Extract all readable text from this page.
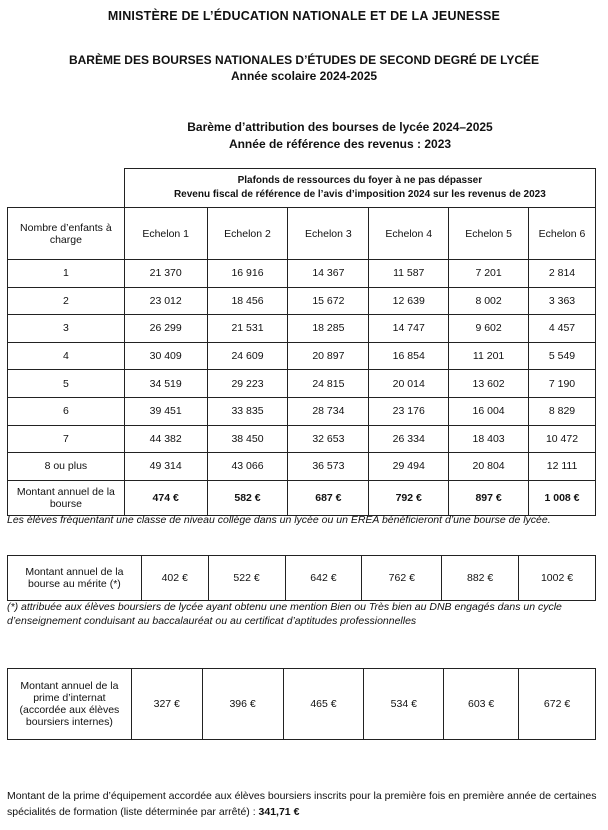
MINISTÈRE DE L’ÉDUCATION NATIONALE ET DE LA JEUNESSE
BARÈME DES BOURSES NATIONALES D’ÉTUDES DE SECOND DEGRÉ DE LYCÉE
Année scolaire 2024-2025
Barème d’attribution des bourses de lycée 2024–2025
Année de référence des revenus : 2023

	Plafonds de ressources du foyer à ne pas dépasser
Revenu fiscal de référence de l’avis d’imposition 2024 sur les revenus de 2023					

Nombre d’enfants à charge	Echelon 1	Echelon 2	Echelon 3	Echelon 4	Echelon 5	Echelon 6
1	21 370	16 916	14 367	11 587	7 201	2 814
2	23 012	18 456	15 672	12 639	8 002	3 363
3	26 299	21 531	18 285	14 747	9 602	4 457
4	30 409	24 609	20 897	16 854	11 201	5 549
5	34 519	29 223	24 815	20 014	13 602	7 190
6	39 451	33 835	28 734	23 176	16 004	8 829
7	44 382	38 450	32 653	26 334	18 403	10 472
8 ou plus	49 314	43 066	36 573	29 494	20 804	12 111
Montant annuel de la bourse	474 €	582 €	687 €	792 €	897 €	1 008 €
Les élèves fréquentant une classe de niveau collège dans un lycée ou un EREA bénéficieront d’une bourse de lycée.
Montant annuel de la bourse au mérite (*)	402 €	522 €	642 €	762 €	882 €	1002 €
(*) attribuée aux élèves boursiers de lycée ayant obtenu une mention Bien ou Très bien au DNB engagés dans un cycle d’enseignement conduisant au baccalauréat ou au certificat d’aptitudes professionnelles
Montant annuel de la prime d’internat (accordée aux élèves boursiers internes)	327 €	396 €	465 €	534 €	603 €	672 €
Montant de la prime d’équipement accordée aux élèves boursiers inscrits pour la première fois en première année de certaines spécialités de formation (liste déterminée par arrêté) : 341,71 €
